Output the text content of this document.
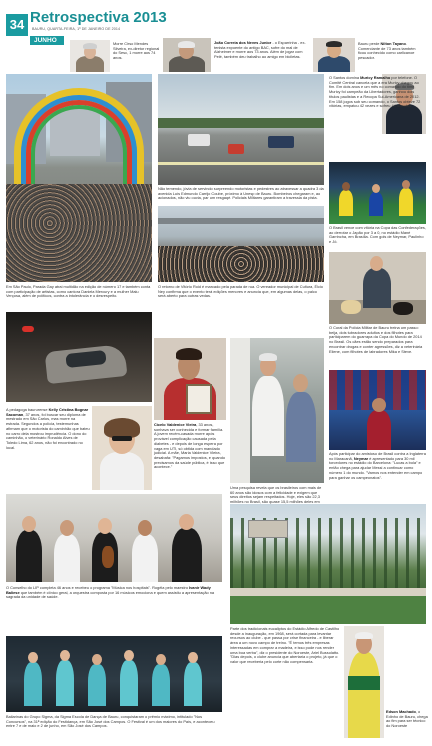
34 Retrospectiva 2013
BAURU, QUARTA-FEIRA, 1º DE JANEIRO DE 2014
JUNHO	Morre Cirso Mendes Silveira, ex-diretor regional do Sesc, 1 morre aos 74 anos.
João Correia dos Neves Junior - o Esparrinha - ex-tenista expoente do antigo BAC, sofre do mal de Alzheimer e morre aos 73 anos. Além de jogar com Pelé, também deu trabalho ao amigo em biciletas.
Bauru perde Nilton Tayano. Comerciante de 73 anos também ficou conhecido como carlicanoe pescador.
Não temendo, jóvia de servindo surpreendo motoristas e pedestres ao atravessar a quadra 3 da avenida Luís Edmundo Carrijo Coube, próximo à Unesp de Bauru. Bombeiros chegaram e, ao acionados, não viu ouvia, par um resgaqé. Policiais Militares garantiram a travessia da pista.
O Santos domina Muricy Ramalho por telefone. O Comitê Central cancela que a era Muricy chegou ao fim. Em dois anos e um mês no comando do time, Muricy foi campeão da Libertadores, ganhou dois títulos paulistas e a Recopa Sul-Americana de 2012. Em 158 jogos sob seu comando, o Santos obteve 72 vitórias, empatou 42 vezes e sofreu 44 derrotas.
O Brasil vence com vitória na Copa das Confederações, ao derrotar o Japão por 3 a 0, no estádio Mané Garrincha, em Brasília. Com gols de Neymar, Paulinho e Jô.
Em São Paulo, Parada Gay atrai multidão na edição de número 17 e também conta com participação de artistas, como cantora Daniela Mercury e a mulher Malu Verçosa, além de políticos, contra a intolerância e o desrespeito.
O retorno de Vitório Roid é marcado pela parada de rua. O vereador municipal de Cultura, Élcio Ney confirma que o evento terá edições menores e anuncia que, em algumas delas, o palco será aberto para outras vedas.
O Coral da Polícia Militar de Bauru treina um passo: beija, dois tubradores adultos e dos filhotes para participarem do guarrapa da Copa do Mundo de 2014 no Brasil. Os cães estão sendo preparados para encontrar drogas e conter agressões, diz a veterinária Eliene, com filhotes de labradores Mika e Steve.
A pedagoga baururense Kelly Cristina Bognar Sacoman, 37 anos, foi buscar seu diploma de mestrado em São Carlos, mas morre na estrada. Segundos a polícia, testemunhas afirmam que o motorista do caminhão que bateu no carro dela mostrou imprudência. O dono do caminhão, o veterinário Ronaldo Alves de Toledo Lima, 62 anos, não foi encontrado no local.
Cícelo Valdenice Vieira, 33 anos, sonhava ser conhecida e formar família. A jovem recém-casada morre após provável complicação causada pela diabetes - e depois de longa espera por vaga em UTI, só obtida com mandado judicial. A mãe, Maria Valdenice Vieira, desabafa: "Pagamos impostos, e quando precisamos da saúde pública, é isso que acontece."
Uma pesquisa revela que os brasileiros com mais de 60 anos são idosos com a felicidade e exigem que seus direitos sejam respeitados. Hoje, eles são 22,3 milhões no Brasil, são quase 15,5 milhões deles em
Após participar do amistoso de Brasil contra a Inglaterra no Maracanã, Neymar é apresentado para 30 mil torcedores no estádio do Barcelona: "Lucas a bola" e então chega para ajudar Messi a continuar como número 1 do mundo. "Vamos nos entender em campo para ganhar os campeonatos".
O Conselho do LIP completa 46 anos e recebeu o programa "Música nos hospitais". Rogéla pelo maestro Ivanir Wady Baliese que também é clínico geral, a orquestra composta por 16 músicos emociona e quem assistiu a apresentação na sagrada da unidade de saúde.
Parte dos tradicionais eucaliptos do Estádio Alfredo de Castilho desde a inauguração, em 1968, será cortada para levantar recursos ao clube - que passa por crise financeira - e liberar área a um novo campo de treino. "É temos três empresas interessadas em comprar a madeira, e isso pode nos render uma boa verba", diz o presidente do Noroeste, Ariel Bussolatto. "Dias depois, o clube anuncia que abertaria o projeto, já que o valor que receberia pelo corte não compensaria.
Edson Machado, o Edinho de Bauru, chega ao fim para ser técnico do Noroeste
Bailarinas do Grupo Sigma, da Sigma Escola de Dança de Bauru, conquistaram o prêmio máximo, intitulado "Nos Concursos", na 31ª edição do Festidança, em São José dos Campos. O Festival é um dos maiores do País, e aconteceu entre 7 e de maio e 2 de junho, em São José dos Campos.
